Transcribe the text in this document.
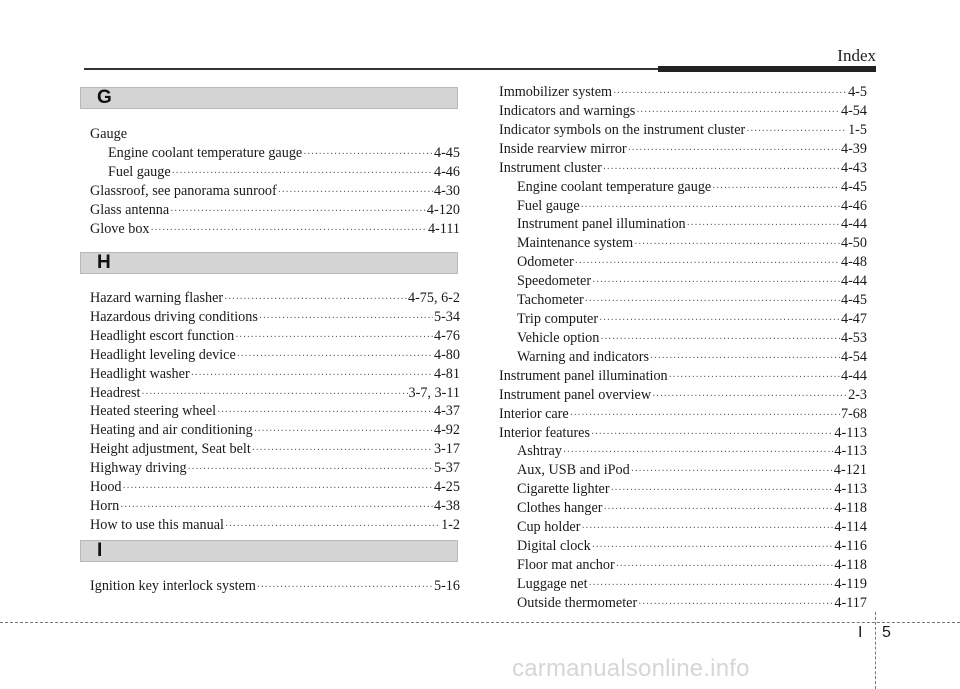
Index
G
H
I
Gauge
Engine coolant temperature gauge ·····	4-45
Fuel gauge ·····	4-46
Glassroof, see panorama sunroof ·····	4-30
Glass antenna ·····	4-120
Glove box ·····	4-111
Hazard warning flasher ·····	4-75, 6-2
Hazardous driving conditions ·····	5-34
Headlight escort function ·····	4-76
Headlight leveling device ·····	4-80
Headlight washer ·····	4-81
Headrest ·····	3-7, 3-11
Heated steering wheel ·····	4-37
Heating and air conditioning ·····	4-92
Height adjustment, Seat belt ·····	3-17
Highway driving ·····	5-37
Hood ·····	4-25
Horn ·····	4-38
How to use this manual ·····	1-2
Ignition key interlock system ·····	5-16
Immobilizer system ·····	4-5
Indicators and warnings ·····	4-54
Indicator symbols on the instrument cluster ·····	1-5
Inside rearview mirror ·····	4-39
Instrument cluster ·····	4-43
Engine coolant temperature gauge ·····	4-45
Fuel gauge ·····	4-46
Instrument panel illumination ·····	4-44
Maintenance system ·····	4-50
Odometer ·····	4-48
Speedometer ·····	4-44
Tachometer ·····	4-45
Trip computer ·····	4-47
Vehicle option ·····	4-53
Warning and indicators ·····	4-54
Instrument panel illumination ·····	4-44
Instrument panel overview ·····	2-3
Interior care ·····	7-68
Interior features ·····	4-113
Ashtray ·····	4-113
Aux, USB and iPod ·····	4-121
Cigarette lighter ·····	4-113
Clothes hanger ·····	4-118
Cup holder ·····	4-114
Digital clock ·····	4-116
Floor mat anchor ·····	4-118
Luggage net ·····	4-119
Outside thermometer ·····	4-117
I 5
carmanualsonline.info
